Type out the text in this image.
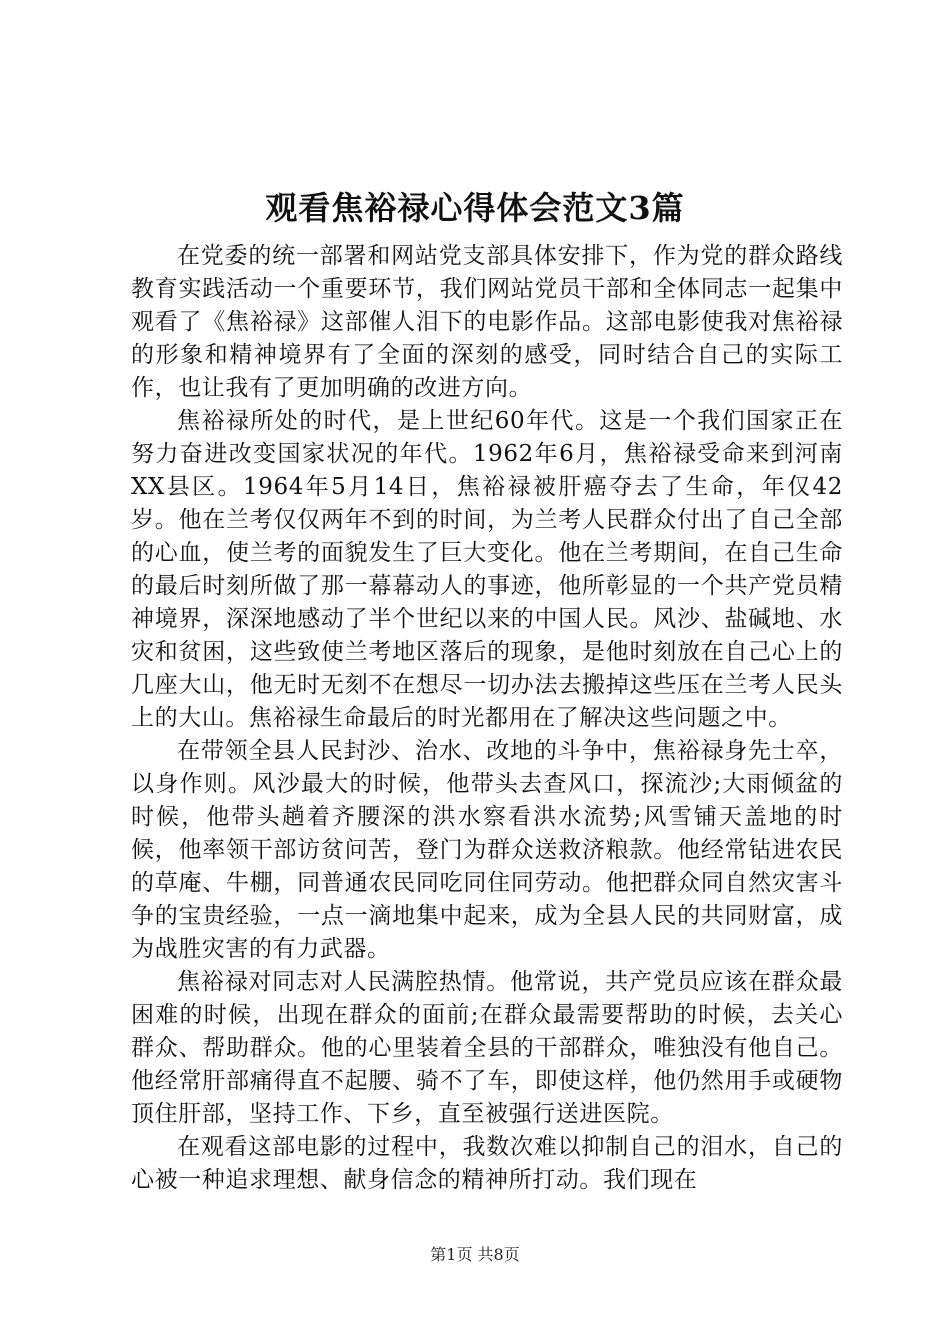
观看焦裕禄心得体会范文3篇

在党委的统一部署和网站党支部具体安排下，作为党的群众路线教育实践活动一个重要环节，我们网站党员干部和全体同志一起集中观看了《焦裕禄》这部催人泪下的电影作品。这部电影使我对焦裕禄的形象和精神境界有了全面的深刻的感受，同时结合自己的实际工作，也让我有了更加明确的改进方向。

焦裕禄所处的时代，是上世纪60年代。这是一个我们国家正在努力奋进改变国家状况的年代。1962年6月，焦裕禄受命来到河南XX县区。1964年5月14日，焦裕禄被肝癌夺去了生命，年仅42岁。他在兰考仅仅两年不到的时间，为兰考人民群众付出了自己全部的心血，使兰考的面貌发生了巨大变化。他在兰考期间，在自己生命的最后时刻所做了那一幕幕动人的事迹，他所彰显的一个共产党员精神境界，深深地感动了半个世纪以来的中国人民。风沙、盐碱地、水灾和贫困，这些致使兰考地区落后的现象，是他时刻放在自己心上的几座大山，他无时无刻不在想尽一切办法去搬掉这些压在兰考人民头上的大山。焦裕禄生命最后的时光都用在了解决这些问题之中。

在带领全县人民封沙、治水、改地的斗争中，焦裕禄身先士卒，以身作则。风沙最大的时候，他带头去查风口，探流沙;大雨倾盆的时候，他带头趟着齐腰深的洪水察看洪水流势;风雪铺天盖地的时候，他率领干部访贫问苦，登门为群众送救济粮款。他经常钻进农民的草庵、牛棚，同普通农民同吃同住同劳动。他把群众同自然灾害斗争的宝贵经验，一点一滴地集中起来，成为全县人民的共同财富，成为战胜灾害的有力武器。

焦裕禄对同志对人民满腔热情。他常说，共产党员应该在群众最困难的时候，出现在群众的面前;在群众最需要帮助的时候，去关心群众、帮助群众。他的心里装着全县的干部群众，唯独没有他自己。他经常肝部痛得直不起腰、骑不了车，即使这样，他仍然用手或硬物顶住肝部，坚持工作、下乡，直至被强行送进医院。

在观看这部电影的过程中，我数次难以抑制自己的泪水，自己的心被一种追求理想、献身信念的精神所打动。我们现在

第1页 共8页
